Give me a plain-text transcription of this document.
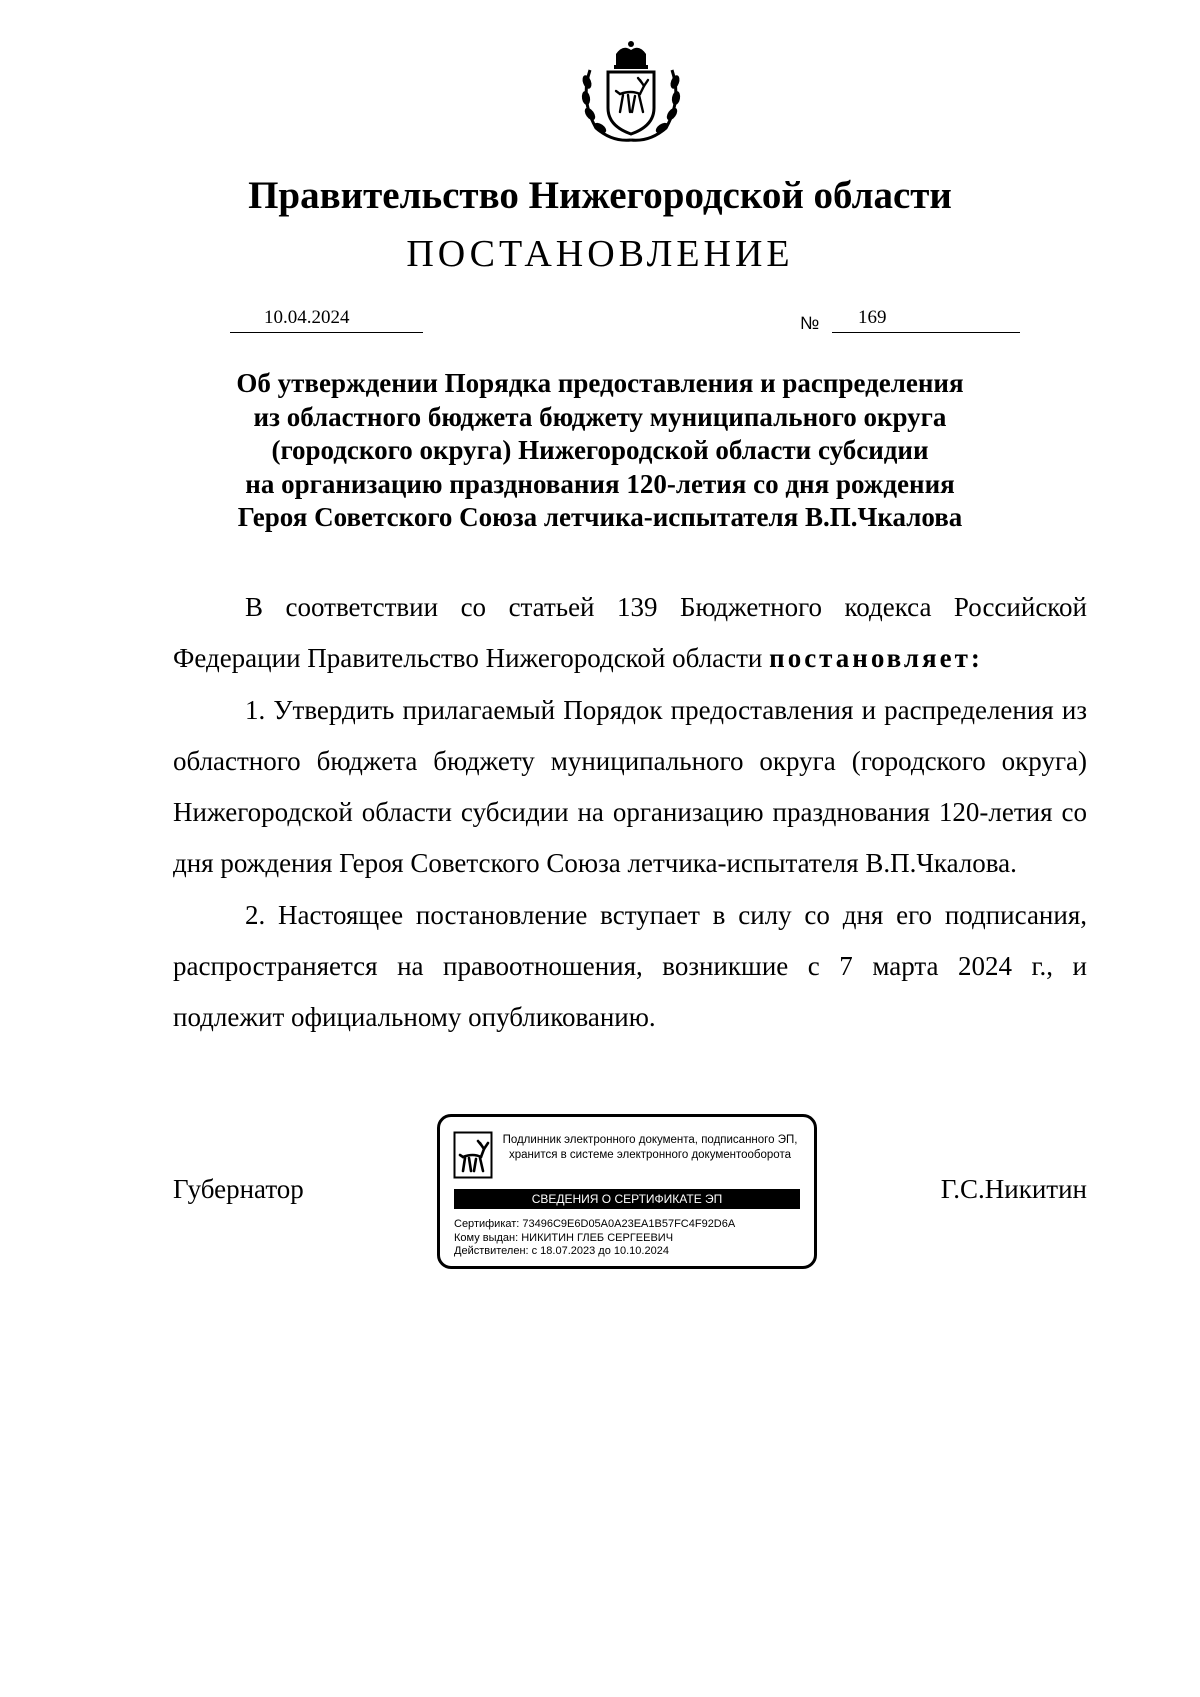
Правительство Нижегородской области
ПОСТАНОВЛЕНИЕ
10.04.2024	№ 169
Об утверждении Порядка предоставления и распределения
из областного бюджета бюджету муниципального округа
(городского округа) Нижегородской области субсидии
на организацию празднования 120-летия со дня рождения
Героя Советского Союза летчика-испытателя В.П.Чкалова

В соответствии со статьей 139 Бюджетного кодекса Российской Федерации Правительство Нижегородской области постановляет:

1. Утвердить прилагаемый Порядок предоставления и распределения из областного бюджета бюджету муниципального округа (городского округа) Нижегородской области субсидии на организацию празднования 120-летия со дня рождения Героя Советского Союза летчика-испытателя В.П.Чкалова.

2. Настоящее постановление вступает в силу со дня его подписания, распространяется на правоотношения, возникшие с 7 марта 2024 г., и подлежит официальному опубликованию.

Губернатор	Г.С.Никитин
Подлинник электронного документа, подписанного ЭП,
хранится в системе электронного документооборота
СВЕДЕНИЯ О СЕРТИФИКАТЕ ЭП
Сертификат: 73496C9E6D05A0A23EA1B57FC4F92D6A
Кому выдан: НИКИТИН ГЛЕБ СЕРГЕЕВИЧ
Действителен: с 18.07.2023 до 10.10.2024
